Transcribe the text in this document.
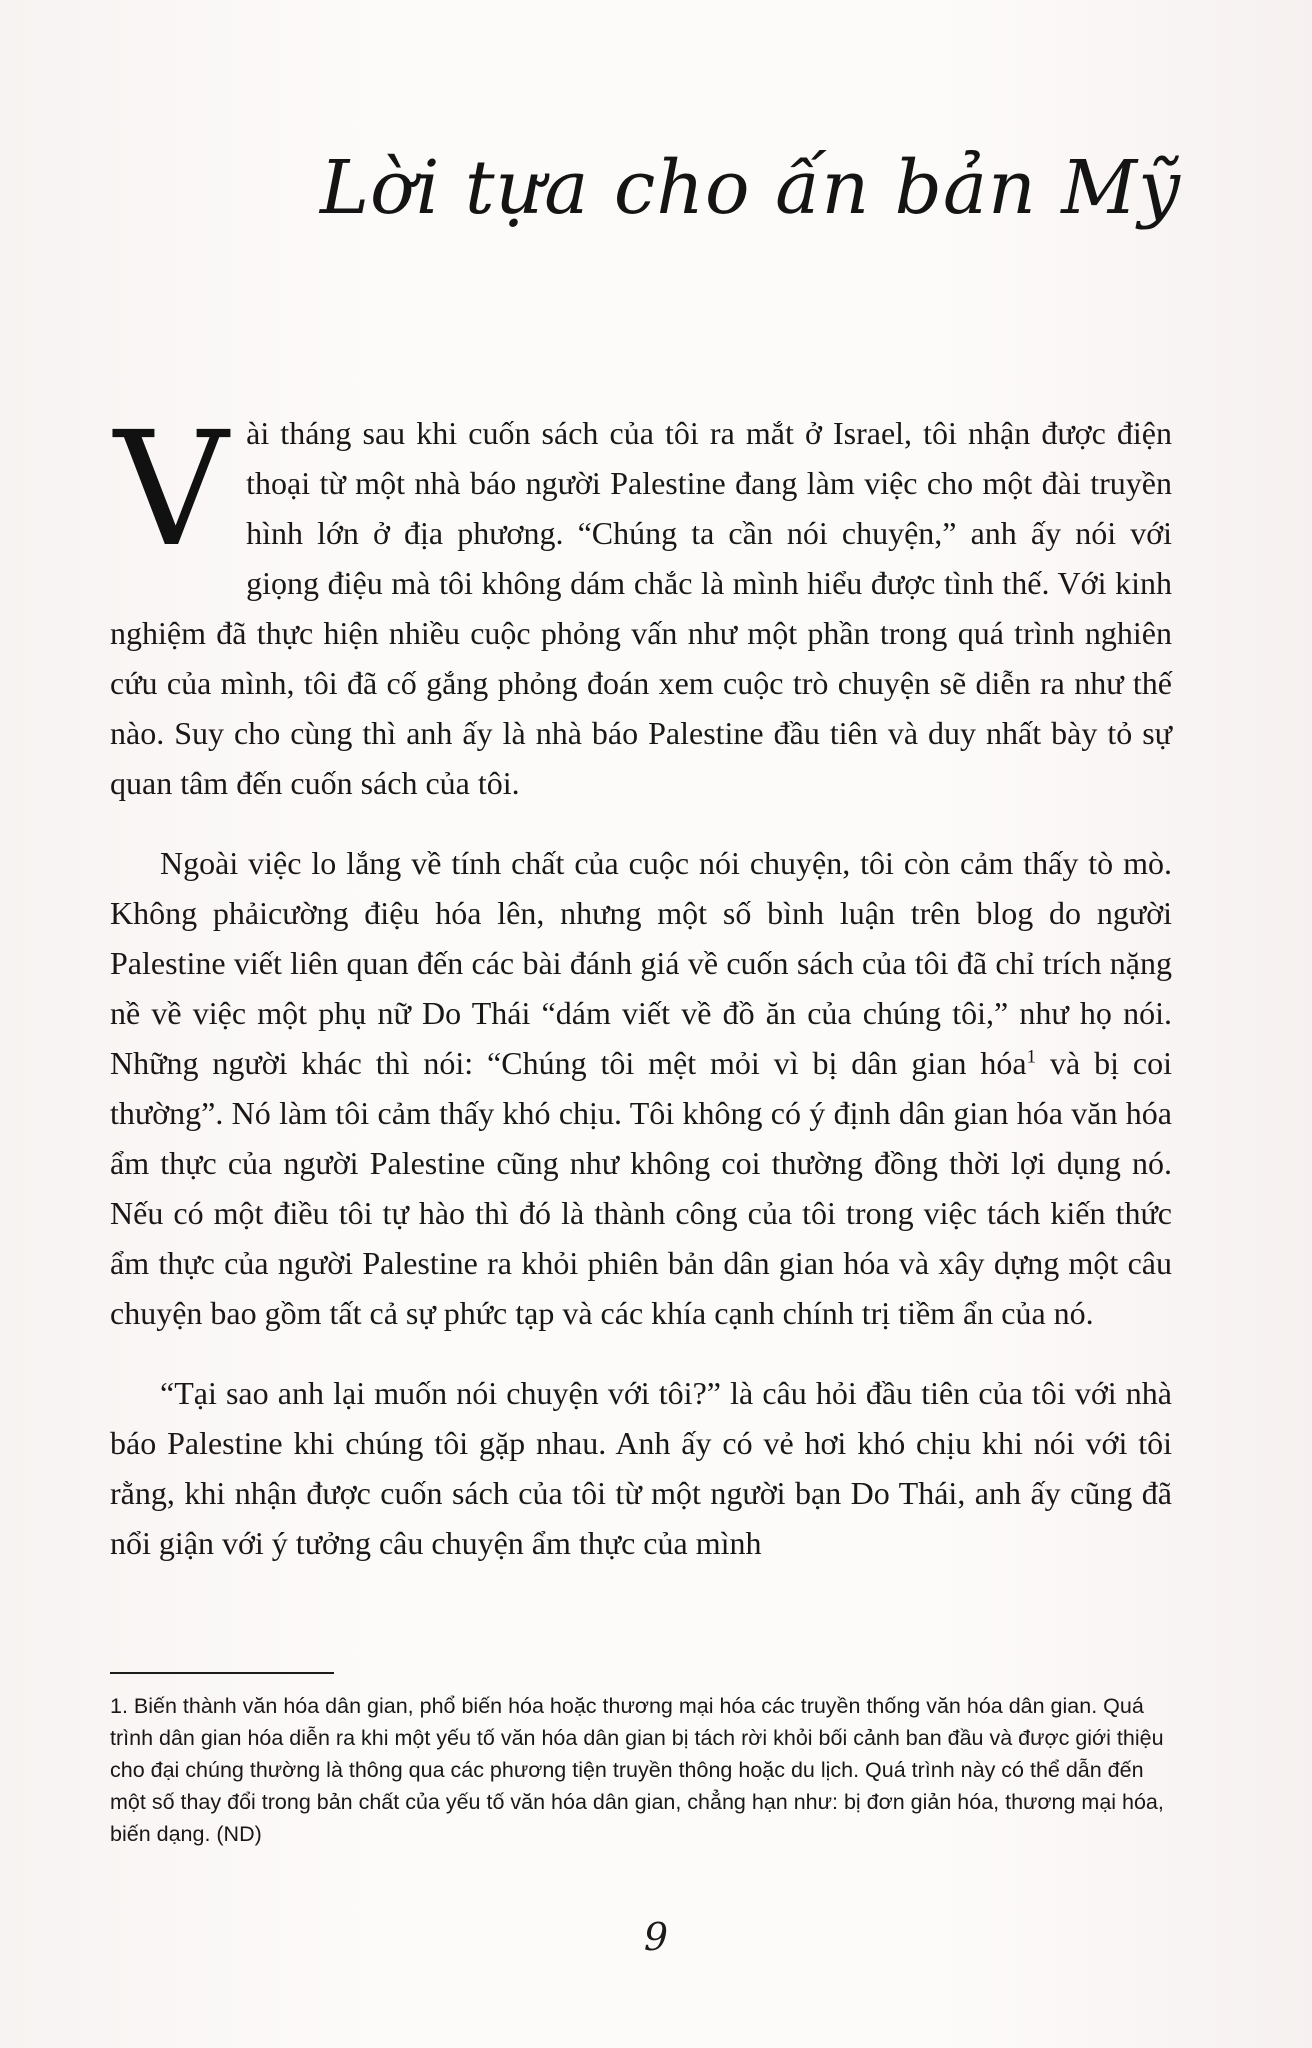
Lời tựa cho ấn bản Mỹ

Vài tháng sau khi cuốn sách của tôi ra mắt ở Israel, tôi nhận được điện thoại từ một nhà báo người Palestine đang làm việc cho một đài truyền hình lớn ở địa phương. “Chúng ta cần nói chuyện,” anh ấy nói với giọng điệu mà tôi không dám chắc là mình hiểu được tình thế. Với kinh nghiệm đã thực hiện nhiều cuộc phỏng vấn như một phần trong quá trình nghiên cứu của mình, tôi đã cố gắng phỏng đoán xem cuộc trò chuyện sẽ diễn ra như thế nào. Suy cho cùng thì anh ấy là nhà báo Palestine đầu tiên và duy nhất bày tỏ sự quan tâm đến cuốn sách của tôi.

Ngoài việc lo lắng về tính chất của cuộc nói chuyện, tôi còn cảm thấy tò mò. Không phảicường điệu hóa lên, nhưng một số bình luận trên blog do người Palestine viết liên quan đến các bài đánh giá về cuốn sách của tôi đã chỉ trích nặng nề về việc một phụ nữ Do Thái “dám viết về đồ ăn của chúng tôi,” như họ nói. Những người khác thì nói: “Chúng tôi mệt mỏi vì bị dân gian hóa$^1$ và bị coi thường”. Nó làm tôi cảm thấy khó chịu. Tôi không có ý định dân gian hóa văn hóa ẩm thực của người Palestine cũng như không coi thường đồng thời lợi dụng nó. Nếu có một điều tôi tự hào thì đó là thành công của tôi trong việc tách kiến thức ẩm thực của người Palestine ra khỏi phiên bản dân gian hóa và xây dựng một câu chuyện bao gồm tất cả sự phức tạp và các khía cạnh chính trị tiềm ẩn của nó.

“Tại sao anh lại muốn nói chuyện với tôi?” là câu hỏi đầu tiên của tôi với nhà báo Palestine khi chúng tôi gặp nhau. Anh ấy có vẻ hơi khó chịu khi nói với tôi rằng, khi nhận được cuốn sách của tôi từ một người bạn Do Thái, anh ấy cũng đã nổi giận với ý tưởng câu chuyện ẩm thực của mình

1. Biến thành văn hóa dân gian, phổ biến hóa hoặc thương mại hóa các truyền thống văn hóa dân gian. Quá trình dân gian hóa diễn ra khi một yếu tố văn hóa dân gian bị tách rời khỏi bối cảnh ban đầu và được giới thiệu cho đại chúng thường là thông qua các phương tiện truyền thông hoặc du lịch. Quá trình này có thể dẫn đến một số thay đổi trong bản chất của yếu tố văn hóa dân gian, chẳng hạn như: bị đơn giản hóa, thương mại hóa, biến dạng. (ND)

9
